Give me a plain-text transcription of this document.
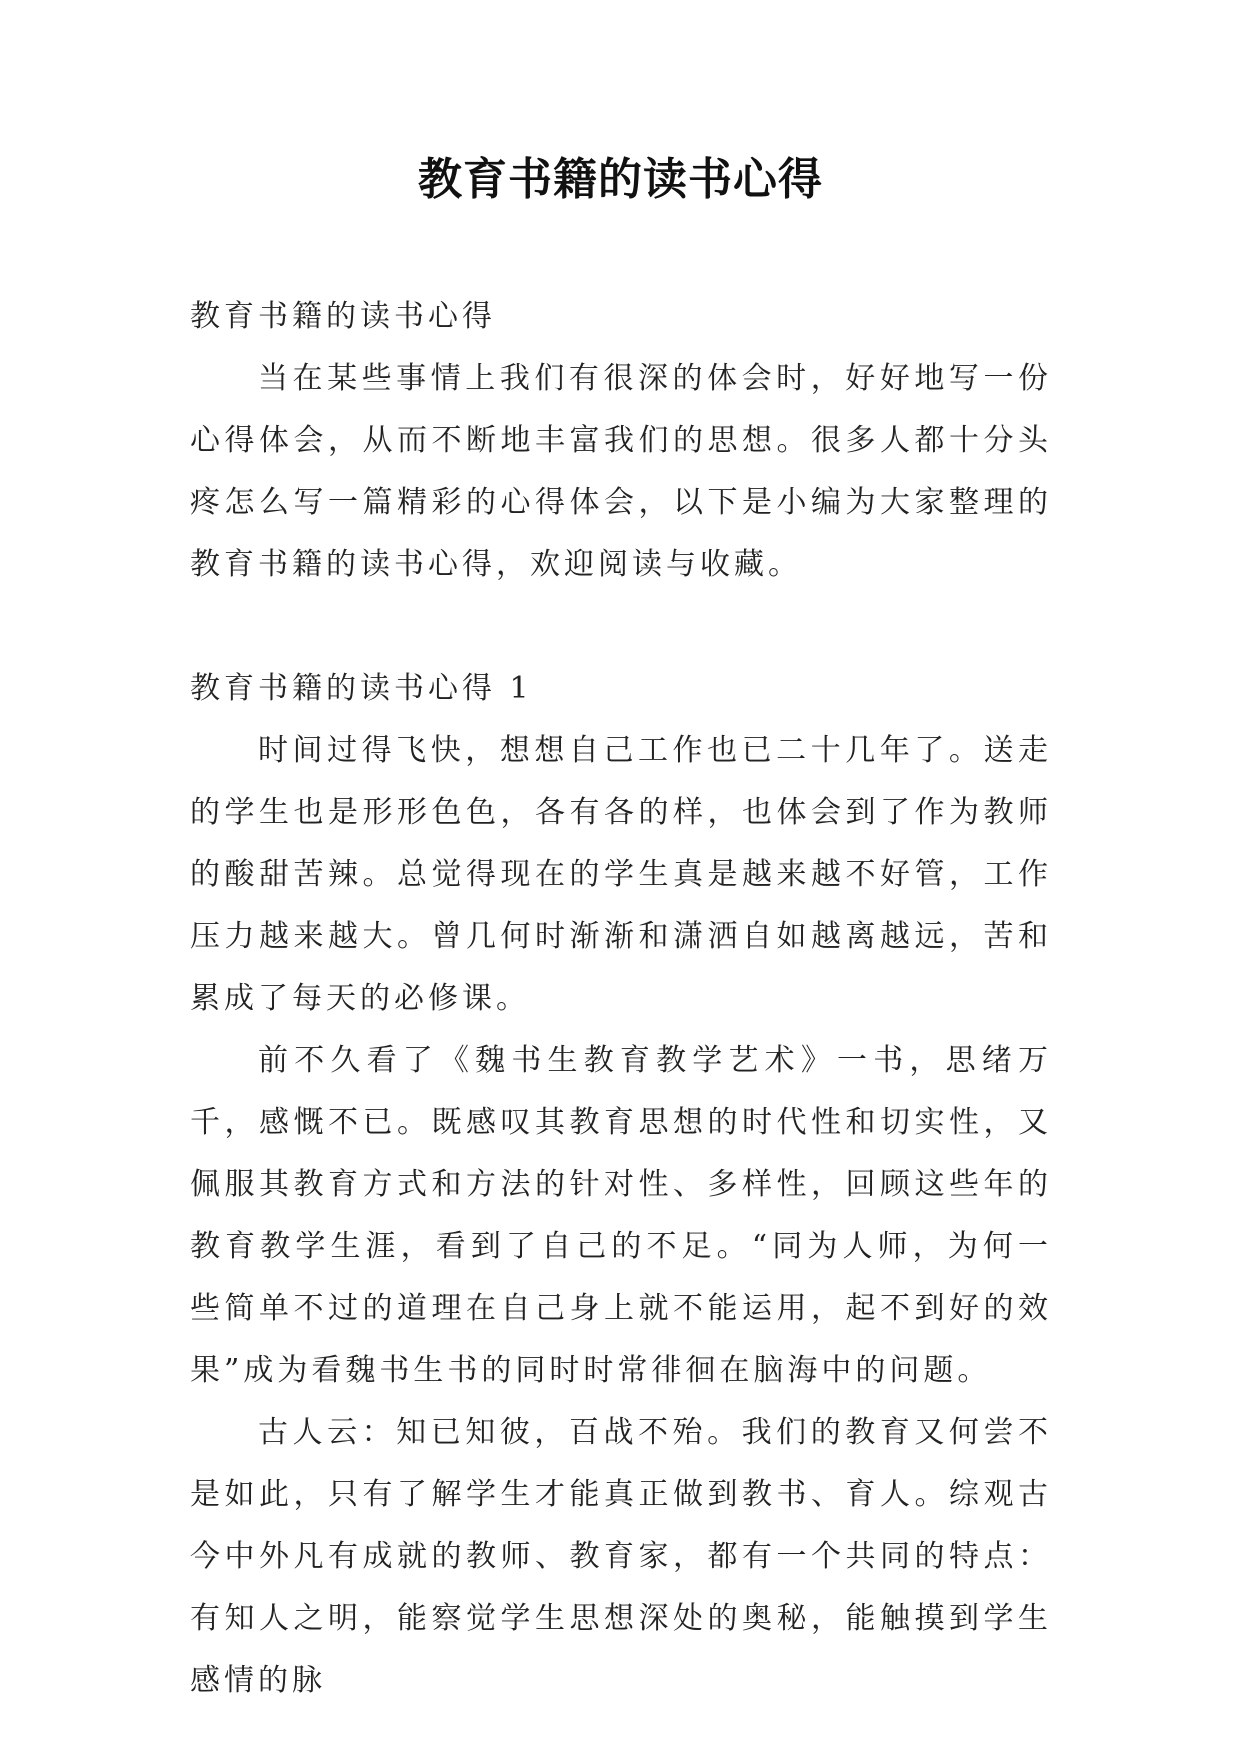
教育书籍的读书心得

教育书籍的读书心得

当在某些事情上我们有很深的体会时，好好地写一份心得体会，从而不断地丰富我们的思想。很多人都十分头疼怎么写一篇精彩的心得体会，以下是小编为大家整理的教育书籍的读书心得，欢迎阅读与收藏。

教育书籍的读书心得 1

时间过得飞快，想想自己工作也已二十几年了。送走的学生也是形形色色，各有各的样，也体会到了作为教师的酸甜苦辣。总觉得现在的学生真是越来越不好管，工作压力越来越大。曾几何时渐渐和潇洒自如越离越远，苦和累成了每天的必修课。

前不久看了《魏书生教育教学艺术》一书，思绪万千，感慨不已。既感叹其教育思想的时代性和切实性，又佩服其教育方式和方法的针对性、多样性，回顾这些年的教育教学生涯，看到了自己的不足。“同为人师，为何一些简单不过的道理在自己身上就不能运用，起不到好的效果”成为看魏书生书的同时时常徘徊在脑海中的问题。

古人云：知已知彼，百战不殆。我们的教育又何尝不是如此，只有了解学生才能真正做到教书、育人。综观古今中外凡有成就的教师、教育家，都有一个共同的特点：有知人之明，能察觉学生思想深处的奥秘，能触摸到学生感情的脉
